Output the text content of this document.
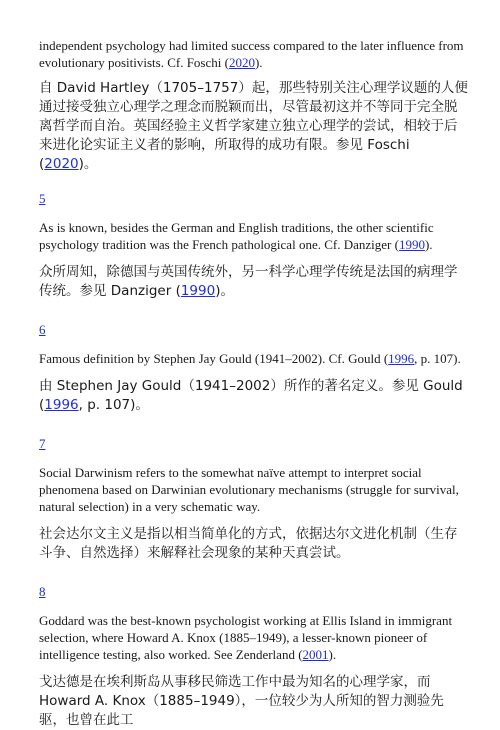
independent psychology had limited success compared to the later influence from evolutionary positivists. Cf. Foschi (2020).

自 David Hartley（1705–1757）起，那些特别关注心理学议题的人便通过接受独立心理学之理念而脱颖而出，尽管最初这并不等同于完全脱离哲学而自治。英国经验主义哲学家建立独立心理学的尝试，相较于后来进化论实证主义者的影响，所取得的成功有限。参见 Foschi (2020)。

5

As is known, besides the German and English traditions, the other scientific psychology tradition was the French pathological one. Cf. Danziger (1990).

众所周知，除德国与英国传统外，另一科学心理学传统是法国的病理学传统。参见 Danziger (1990)。

6

Famous definition by Stephen Jay Gould (1941–2002). Cf. Gould (1996, p. 107).

由 Stephen Jay Gould（1941–2002）所作的著名定义。参见 Gould (1996, p. 107)。

7

Social Darwinism refers to the somewhat naïve attempt to interpret social phenomena based on Darwinian evolutionary mechanisms (struggle for survival, natural selection) in a very schematic way.

社会达尔文主义是指以相当简单化的方式，依据达尔文进化机制（生存斗争、自然选择）来解释社会现象的某种天真尝试。

8

Goddard was the best-known psychologist working at Ellis Island in immigrant selection, where Howard A. Knox (1885–1949), a lesser-known pioneer of intelligence testing, also worked. See Zenderland (2001).

戈达德是在埃利斯岛从事移民筛选工作中最为知名的心理学家，而 Howard A. Knox（1885–1949），一位较少为人所知的智力测验先驱，也曾在此工
